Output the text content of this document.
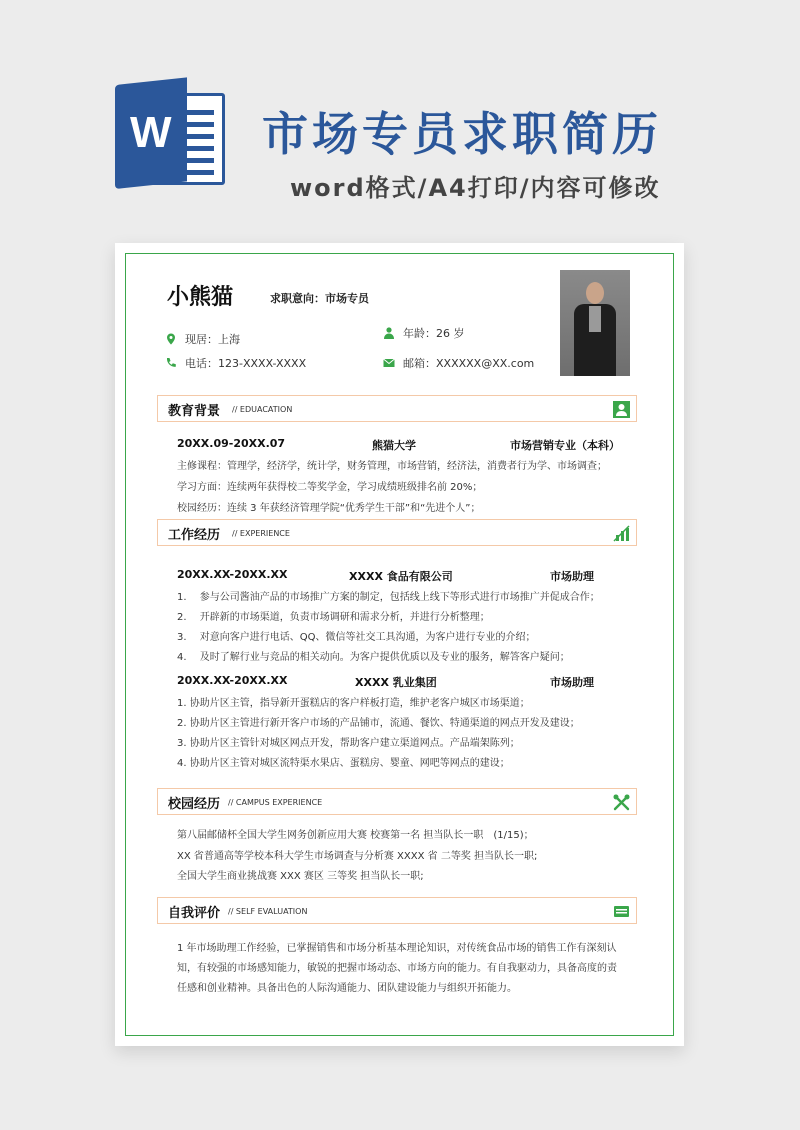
W 市场专员求职简历
word格式/A4打印/内容可修改
小熊猫	求职意向：市场专员
现居：上海
电话：123-XXXX-XXXX
年龄：26 岁
邮箱：XXXXXX@XX.com
教育背景 // EDUACATION
20XX.09-20XX.07	熊猫大学	市场营销专业（本科）
主修课程：管理学，经济学，统计学，财务管理，市场营销，经济法，消费者行为学、市场调查；
学习方面：连续两年获得校二等奖学金，学习成绩班级排名前 20%；
校园经历：连续 3 年获经济管理学院“优秀学生干部”和“先进个人”；
工作经历 // EXPERIENCE
20XX.XX-20XX.XX	XXXX 食品有限公司	市场助理
1.　 参与公司酱油产品的市场推广方案的制定，包括线上线下等形式进行市场推广并促成合作；
2.　 开辟新的市场渠道，负责市场调研和需求分析，并进行分析整理；
3.　 对意向客户进行电话、QQ、微信等社交工具沟通，为客户进行专业的介绍；
4.　 及时了解行业与竞品的相关动向。为客户提供优质以及专业的服务，解答客户疑问；
20XX.XX-20XX.XX	XXXX 乳业集团	市场助理
1. 协助片区主管，指导新开蛋糕店的客户样板打造，维护老客户城区市场渠道；
2. 协助片区主管进行新开客户市场的产品铺市，流通、餐饮、特通渠道的网点开发及建设；
3. 协助片区主管针对城区网点开发，帮助客户建立渠道网点。产品端架陈列；
4. 协助片区主管对城区流特渠水果店、蛋糕房、婴童、网吧等网点的建设；
校园经历 // CAMPUS EXPERIENCE
第八届邮储杯全国大学生网务创新应用大赛 校赛第一名 担当队长一职　(1/15)；
XX 省普通高等学校本科大学生市场调查与分析赛 XXXX 省 二等奖 担当队长一职;
全国大学生商业挑战赛 XXX 赛区 三等奖 担当队长一职;
自我评价 // SELF EVALUATION
1 年市场助理工作经验，已掌握销售和市场分析基本理论知识，对传统食品市场的销售工作有深刻认知，有较强的市场感知能力，敏锐的把握市场动态、市场方向的能力。有自我驱动力，具备高度的责任感和创业精神。具备出色的人际沟通能力、团队建设能力与组织开拓能力。
